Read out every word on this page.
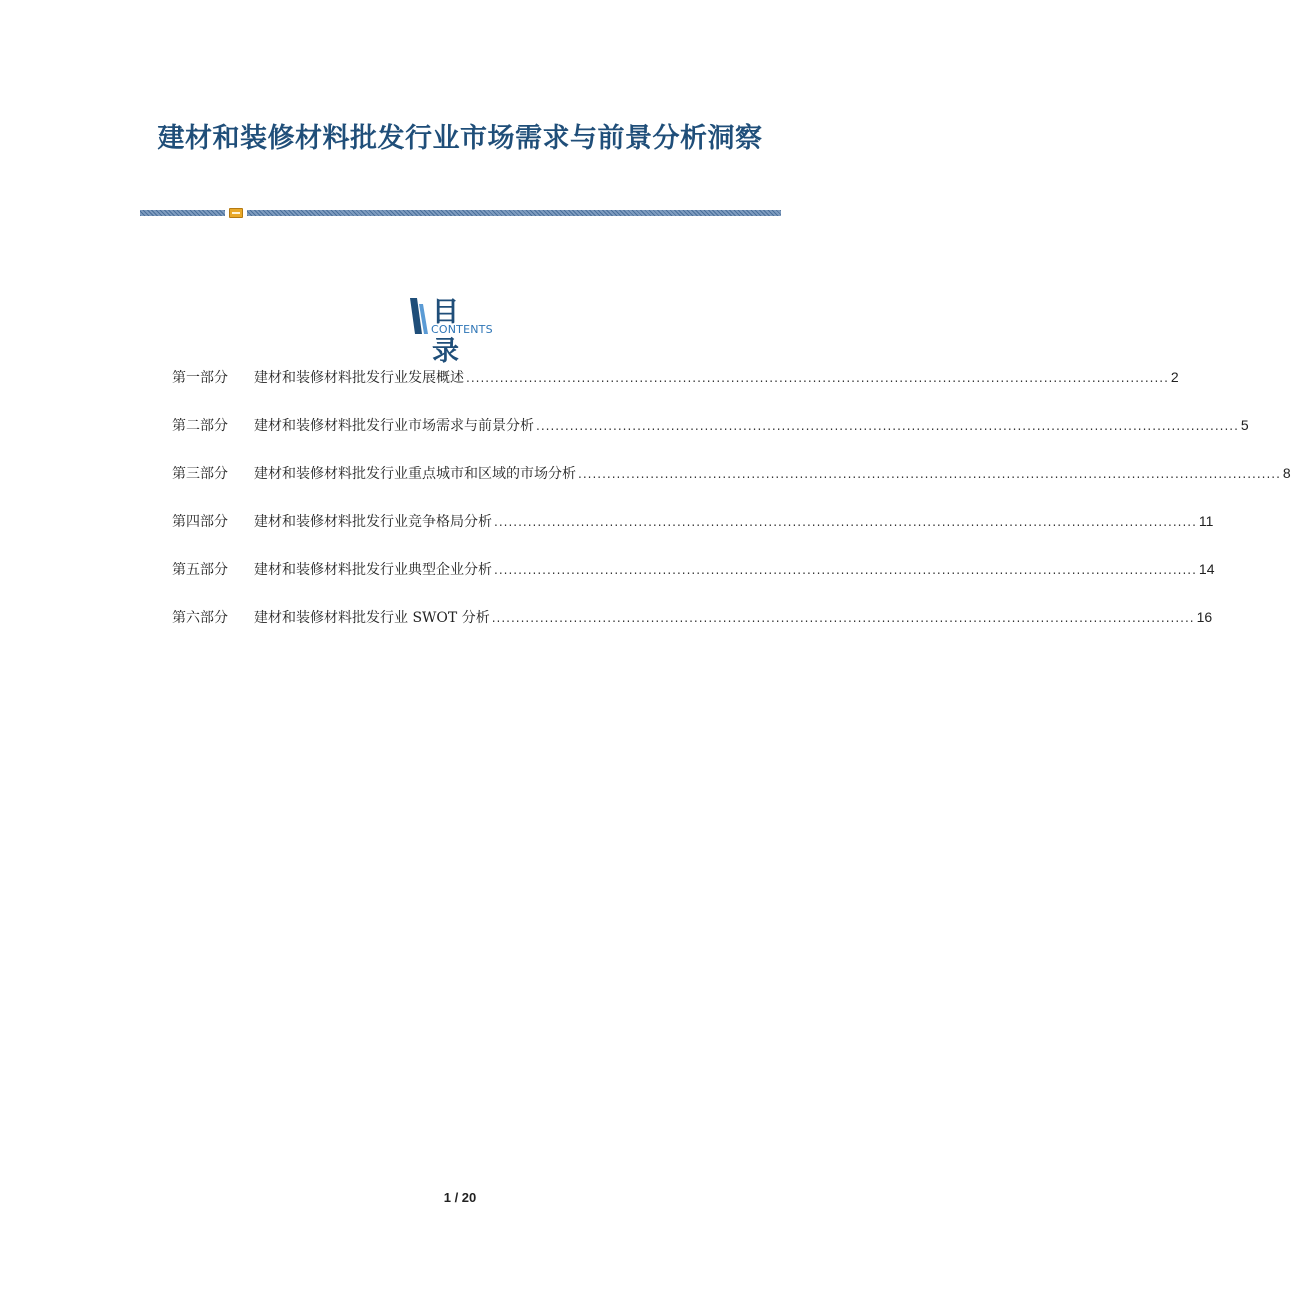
建材和装修材料批发行业市场需求与前景分析洞察
目 录
CONTENTS
第一部分	建材和装修材料批发行业发展概述 .................................................................................................................................................. 2
第二部分	建材和装修材料批发行业市场需求与前景分析 .................................................................................................................................................. 5
第三部分	建材和装修材料批发行业重点城市和区域的市场分析 .................................................................................................................................................. 8
第四部分	建材和装修材料批发行业竞争格局分析 .................................................................................................................................................. 11
第五部分	建材和装修材料批发行业典型企业分析 .................................................................................................................................................. 14
第六部分	建材和装修材料批发行业 SWOT 分析 .................................................................................................................................................. 16
1 / 20
